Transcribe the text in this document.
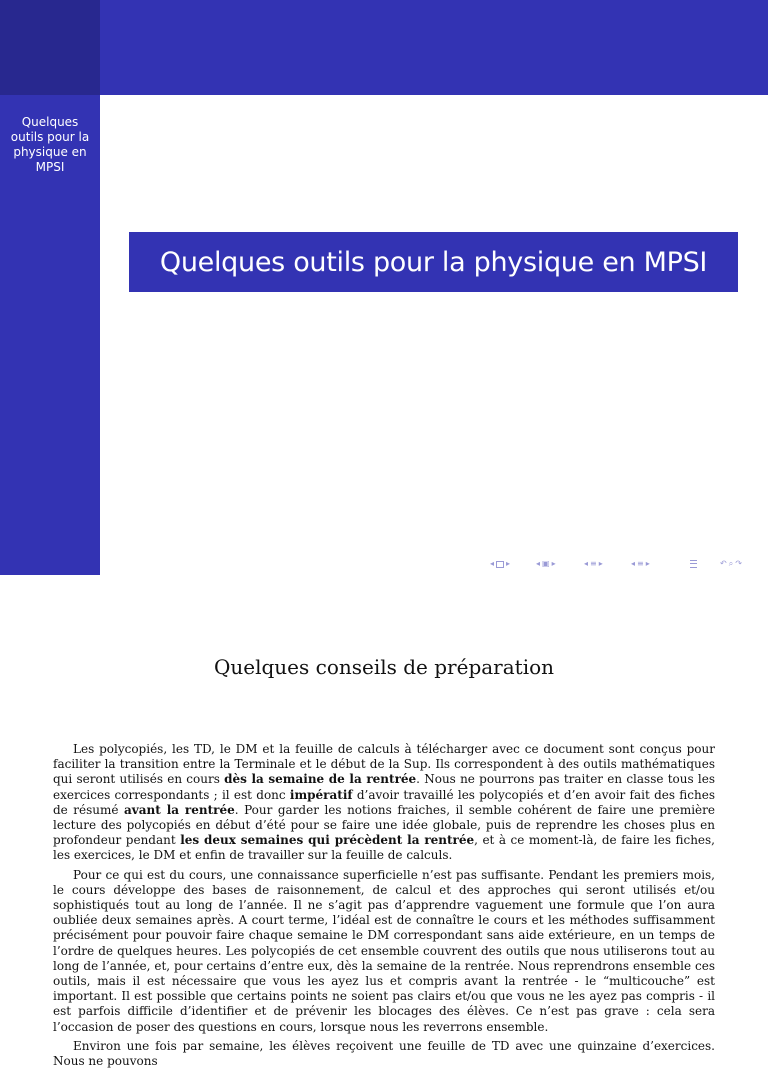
Quelques outils pour la physique en MPSI
Quelques outils pour la physique en MPSI
◂ ▸	◂ ▣ ▸	◂ ≡ ▸	◂ ≡ ▸	↶ ⌕ ↷
Quelques conseils de préparation

Les polycopiés, les TD, le DM et la feuille de calculs à télécharger avec ce document sont conçus pour faciliter la transition entre la Terminale et le début de la Sup. Ils correspondent à des outils mathématiques qui seront utilisés en cours dès la semaine de la rentrée. Nous ne pourrons pas traiter en classe tous les exercices correspondants ; il est donc impératif d’avoir travaillé les polycopiés et d’en avoir fait des fiches de résumé avant la rentrée. Pour garder les notions fraiches, il semble cohérent de faire une première lecture des polycopiés en début d’été pour se faire une idée globale, puis de reprendre les choses plus en profondeur pendant les deux semaines qui précèdent la rentrée, et à ce moment-là, de faire les fiches, les exercices, le DM et enfin de travailler sur la feuille de calculs.

Pour ce qui est du cours, une connaissance superficielle n’est pas suffisante. Pendant les premiers mois, le cours développe des bases de raisonnement, de calcul et des approches qui seront utilisés et/ou sophistiqués tout au long de l’année. Il ne s’agit pas d’apprendre vaguement une formule que l’on aura oubliée deux semaines après. A court terme, l’idéal est de connaître le cours et les méthodes suffisamment précisément pour pouvoir faire chaque semaine le DM correspondant sans aide extérieure, en un temps de l’ordre de quelques heures. Les polycopiés de cet ensemble couvrent des outils que nous utiliserons tout au long de l’année, et, pour certains d’entre eux, dès la semaine de la rentrée. Nous reprendrons ensemble ces outils, mais il est nécessaire que vous les ayez lus et compris avant la rentrée - le “multicouche” est important. Il est possible que certains points ne soient pas clairs et/ou que vous ne les ayez pas compris - il est parfois difficile d’identifier et de prévenir les blocages des élèves. Ce n’est pas grave : cela sera l’occasion de poser des questions en cours, lorsque nous les reverrons ensemble.

Environ une fois par semaine, les élèves reçoivent une feuille de TD avec une quinzaine d’exercices. Nous ne pouvons
